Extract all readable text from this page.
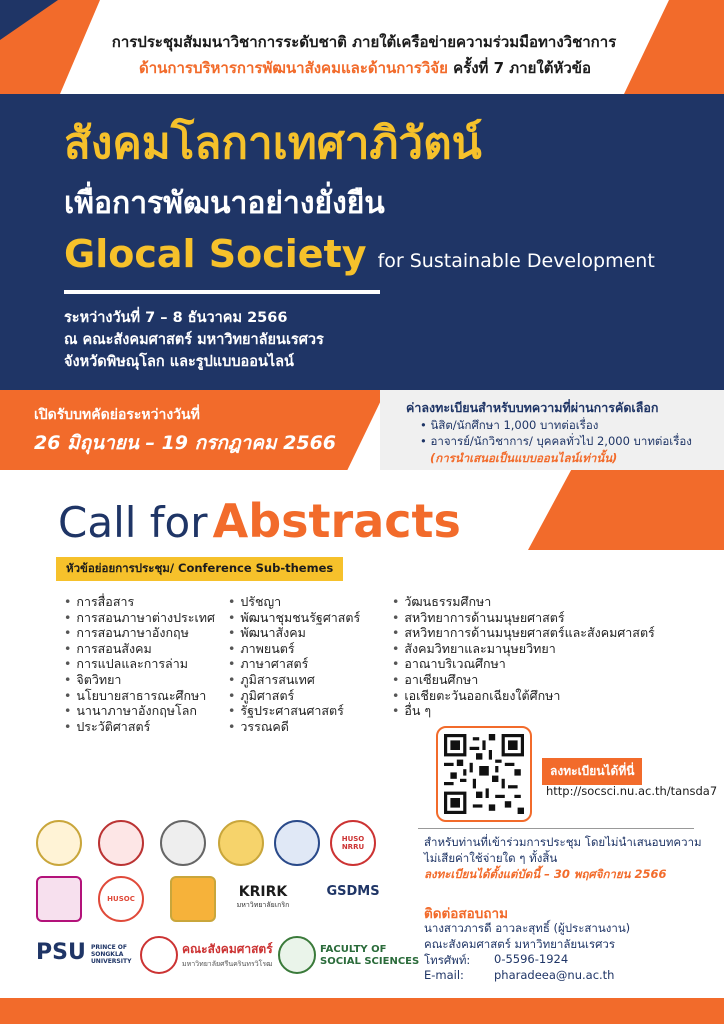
การประชุมสัมมนาวิชาการระดับชาติ ภายใต้เครือข่ายความร่วมมือทางวิชาการ
ด้านการบริหารการพัฒนาสังคมและด้านการวิจัย ครั้งที่ 7 ภายใต้หัวข้อ
สังคมโลกาเทศาภิวัตน์
เพื่อการพัฒนาอย่างยั่งยืน
Glocal Society for Sustainable Development
ระหว่างวันที่ 7 – 8 ธันวาคม 2566
ณ คณะสังคมศาสตร์ มหาวิทยาลัยนเรศวร
จังหวัดพิษณุโลก และรูปแบบออนไลน์
เปิดรับบทคัดย่อระหว่างวันที่
26 มิถุนายน – 19 กรกฎาคม 2566
ค่าลงทะเบียนสำหรับบทความที่ผ่านการคัดเลือก
• นิสิต/นักศึกษา 1,000 บาทต่อเรื่อง
• อาจารย์/นักวิชาการ/ บุคคลทั่วไป 2,000 บาทต่อเรื่อง
(การนำเสนอเป็นแบบออนไลน์เท่านั้น)
Call for Abstracts
หัวข้อย่อยการประชุม/ Conference Sub-themes
• การสื่อสาร
• การสอนภาษาต่างประเทศ
• การสอนภาษาอังกฤษ
• การสอนสังคม
• การแปลและการล่าม
• จิตวิทยา
• นโยบายสาธารณะศึกษา
• นานาภาษาอังกฤษโลก
• ประวัติศาสตร์
• ปรัชญา
• พัฒนาชุมชนรัฐศาสตร์
• พัฒนาสังคม
• ภาพยนตร์
• ภาษาศาสตร์
• ภูมิสารสนเทศ
• ภูมิศาสตร์
• รัฐประศาสนศาสตร์
• วรรณคดี
• วัฒนธรรมศึกษา
• สหวิทยาการด้านมนุษยศาสตร์
• สหวิทยาการด้านมนุษยศาสตร์และสังคมศาสตร์
• สังคมวิทยาและมานุษยวิทยา
• อาณาบริเวณศึกษา
• อาเซียนศึกษา
• เอเชียตะวันออกเฉียงใต้ศึกษา
• อื่น ๆ
ลงทะเบียนได้ที่นี่
http://socsci.nu.ac.th/tansda7
สำหรับท่านที่เข้าร่วมการประชุม โดยไม่นำเสนอบทความ
ไม่เสียค่าใช้จ่ายใด ๆ ทั้งสิ้น
ลงทะเบียนได้ตั้งแต่บัดนี้ – 30 พฤศจิกายน 2566
ติดต่อสอบถาม
นางสาวภารดี อาวละสุทธิ์ (ผู้ประสานงาน)
คณะสังคมศาสตร์ มหาวิทยาลัยนเรศวร
โทรศัพท์: 0-5596-1924
E-mail:	pharadeea@nu.ac.th
HUSO NRRU
HUSOC	KRIRK
มหาวิทยาลัยเกริก
GSDMS
PSU PRINCE OF SONGKLA UNIVERSITY
คณะสังคมศาสตร์
มหาวิทยาลัยศรีนครินทรวิโรฒ
FACULTY OF
SOCIAL SCIENCES
